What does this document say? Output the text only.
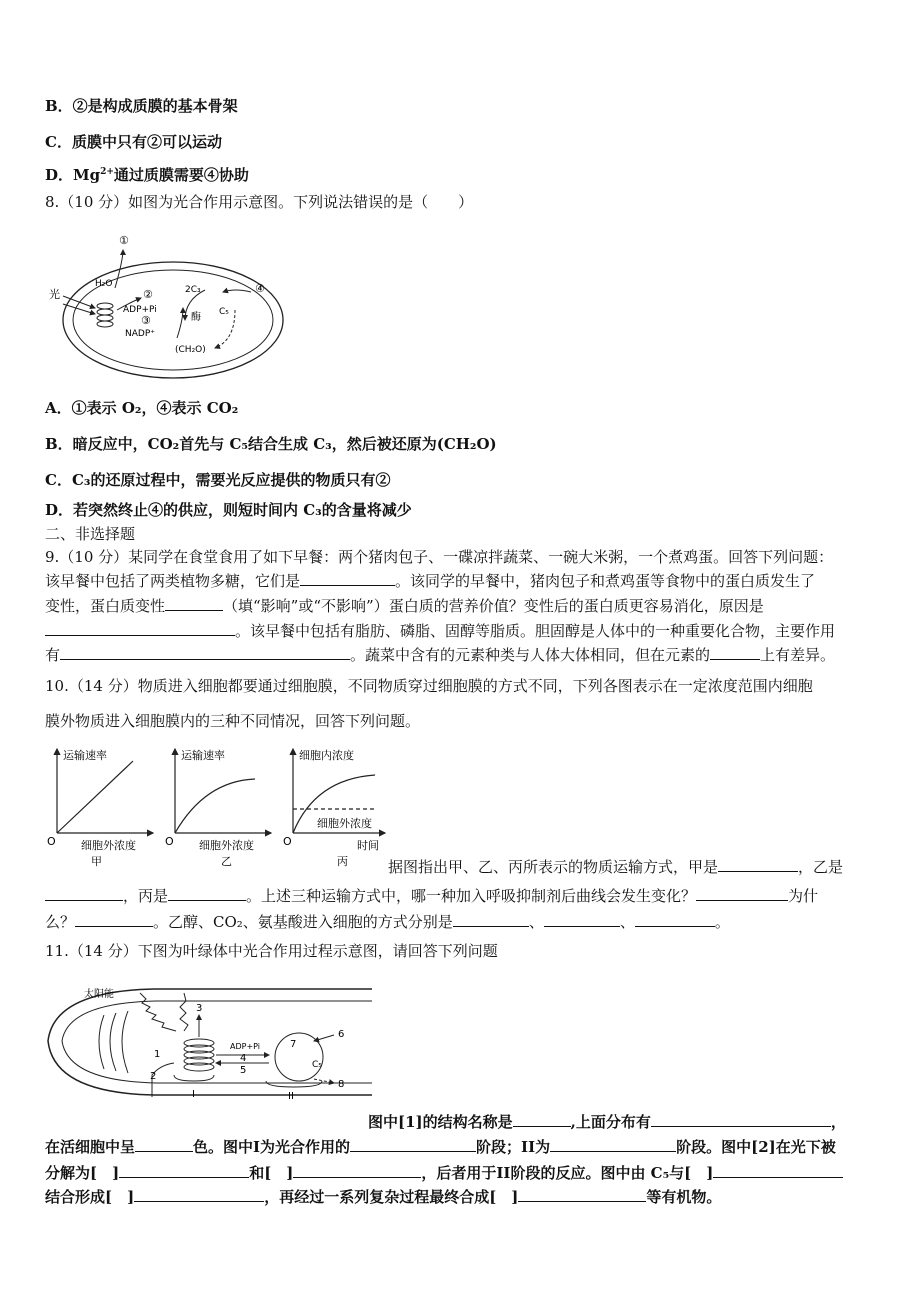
B．②是构成质膜的基本骨架
C．质膜中只有②可以运动
D．$Mg^{2+}$通过质膜需要④协助
8.（10 分）如图为光合作用示意图。下列说法错误的是（　　）
①
光
H₂O
②
ADP+Pi
③
NADP⁺
2C₃	④
C₅
酶
(CH₂O)
A．①表示 O₂，④表示 CO₂
B．暗反应中，CO₂首先与 C₅结合生成 C₃，然后被还原为(CH₂O)
C．C₃的还原过程中，需要光反应提供的物质只有②
D．若突然终止④的供应，则短时间内 C₃的含量将减少
二、非选择题
9.（10 分）某同学在食堂食用了如下早餐：两个猪肉包子、一碟凉拌蔬菜、一碗大米粥，一个煮鸡蛋。回答下列问题：
该早餐中包括了两类植物多糖，它们是	。该同学的早餐中，猪肉包子和煮鸡蛋等食物中的蛋白质发生了
变性，蛋白质变性	（填“影响”或“不影响”）蛋白质的营养价值？变性后的蛋白质更容易消化，原因是
。该早餐中包括有脂肪、磷脂、固醇等脂质。胆固醇是人体中的一种重要化合物，主要作用
有	。蔬菜中含有的元素种类与人体大体相同，但在元素的	上有差异。
10.（14 分）物质进入细胞都要通过细胞膜，不同物质穿过细胞膜的方式不同，下列各图表示在一定浓度范围内细胞
膜外物质进入细胞膜内的三种不同情况，回答下列问题。
运输速率
O 细胞外浓度
甲
运输速率
O 细胞外浓度
乙
细胞内浓度
O
细胞外浓度
时间
丙	据图指出甲、乙、丙所表示的物质运输方式，甲是	，乙是
，丙是	。上述三种运输方式中，哪一种加入呼吸抑制剂后曲线会发生变化？	为什
么？	。乙醇、CO₂、氨基酸进入细胞的方式分别是	、	、	。
11.（14 分）下图为叶绿体中光合作用过程示意图，请回答下列问题
太阳能
3
ADP+Pi
1
2
4
5
6
7
C₅
8
I	II
图中[1]的结构名称是	,上面分布有	，
在活细胞中呈	色。图中I为光合作用的	阶段；II为	阶段。图中[2]在光下被
分解为[　]	和[　]	，后者用于II阶段的反应。图中由 C₅与[　]
结合形成[　]	，再经过一系列复杂过程最终合成[　]	等有机物。
